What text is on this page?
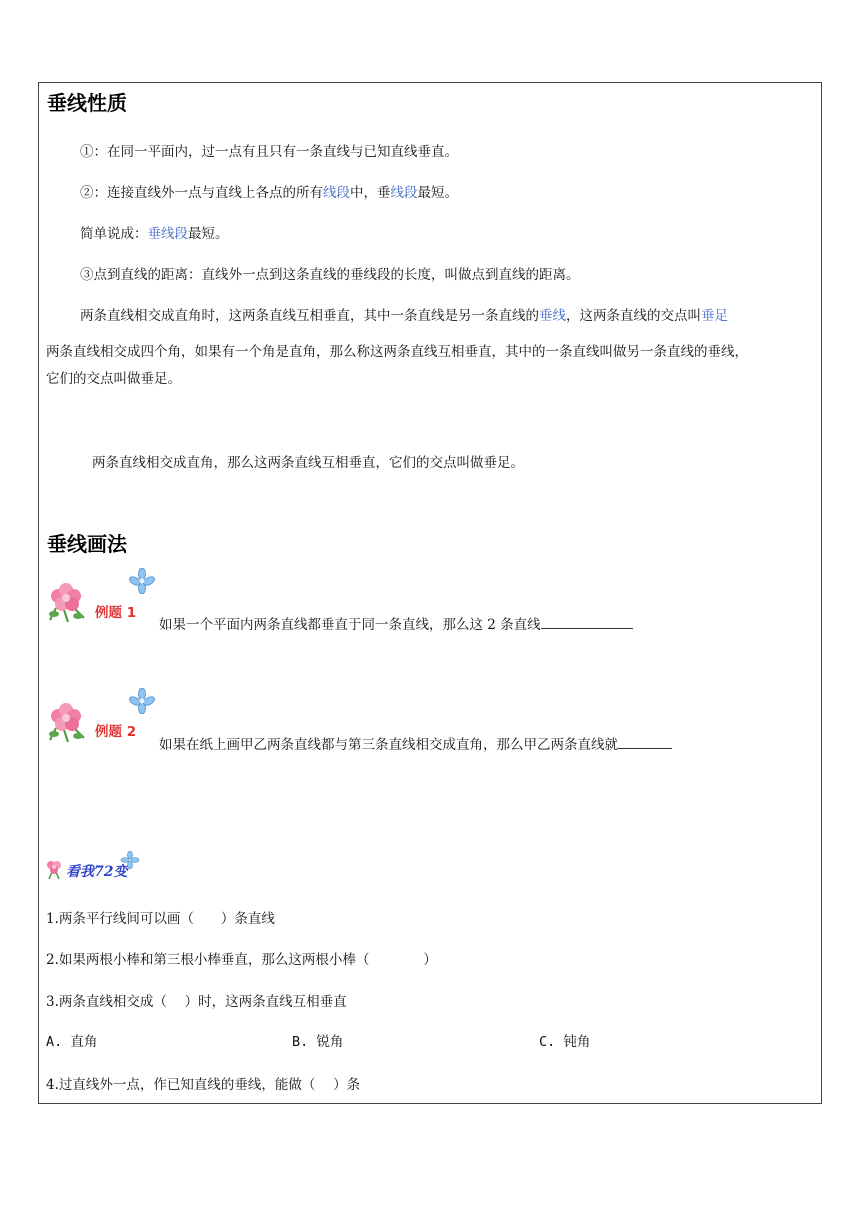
垂线性质
①：在同一平面内，过一点有且只有一条直线与已知直线垂直。
②：连接直线外一点与直线上各点的所有线段中，垂线段最短。
简单说成：垂线段最短。
③点到直线的距离：直线外一点到这条直线的垂线段的长度，叫做点到直线的距离。
两条直线相交成直角时，这两条直线互相垂直，其中一条直线是另一条直线的垂线，这两条直线的交点叫垂足
两条直线相交成四个角，如果有一个角是直角，那么称这两条直线互相垂直，其中的一条直线叫做另一条直线的垂线，
它们的交点叫做垂足。
两条直线相交成直角，那么这两条直线互相垂直，它们的交点叫做垂足。
垂线画法
例题 1
如果一个平面内两条直线都垂直于同一条直线，那么这 2 条直线
例题 2
如果在纸上画甲乙两条直线都与第三条直线相交成直角，那么甲乙两条直线就
看我72变
1.两条平行线间可以画（　　）条直线
2.如果两根小棒和第三根小棒垂直，那么这两根小棒（　　　　）
3.两条直线相交成（　 ）时，这两条直线互相垂直
A. 直角	B. 锐角	C. 钝角
4.过直线外一点，作已知直线的垂线，能做（　 ）条
